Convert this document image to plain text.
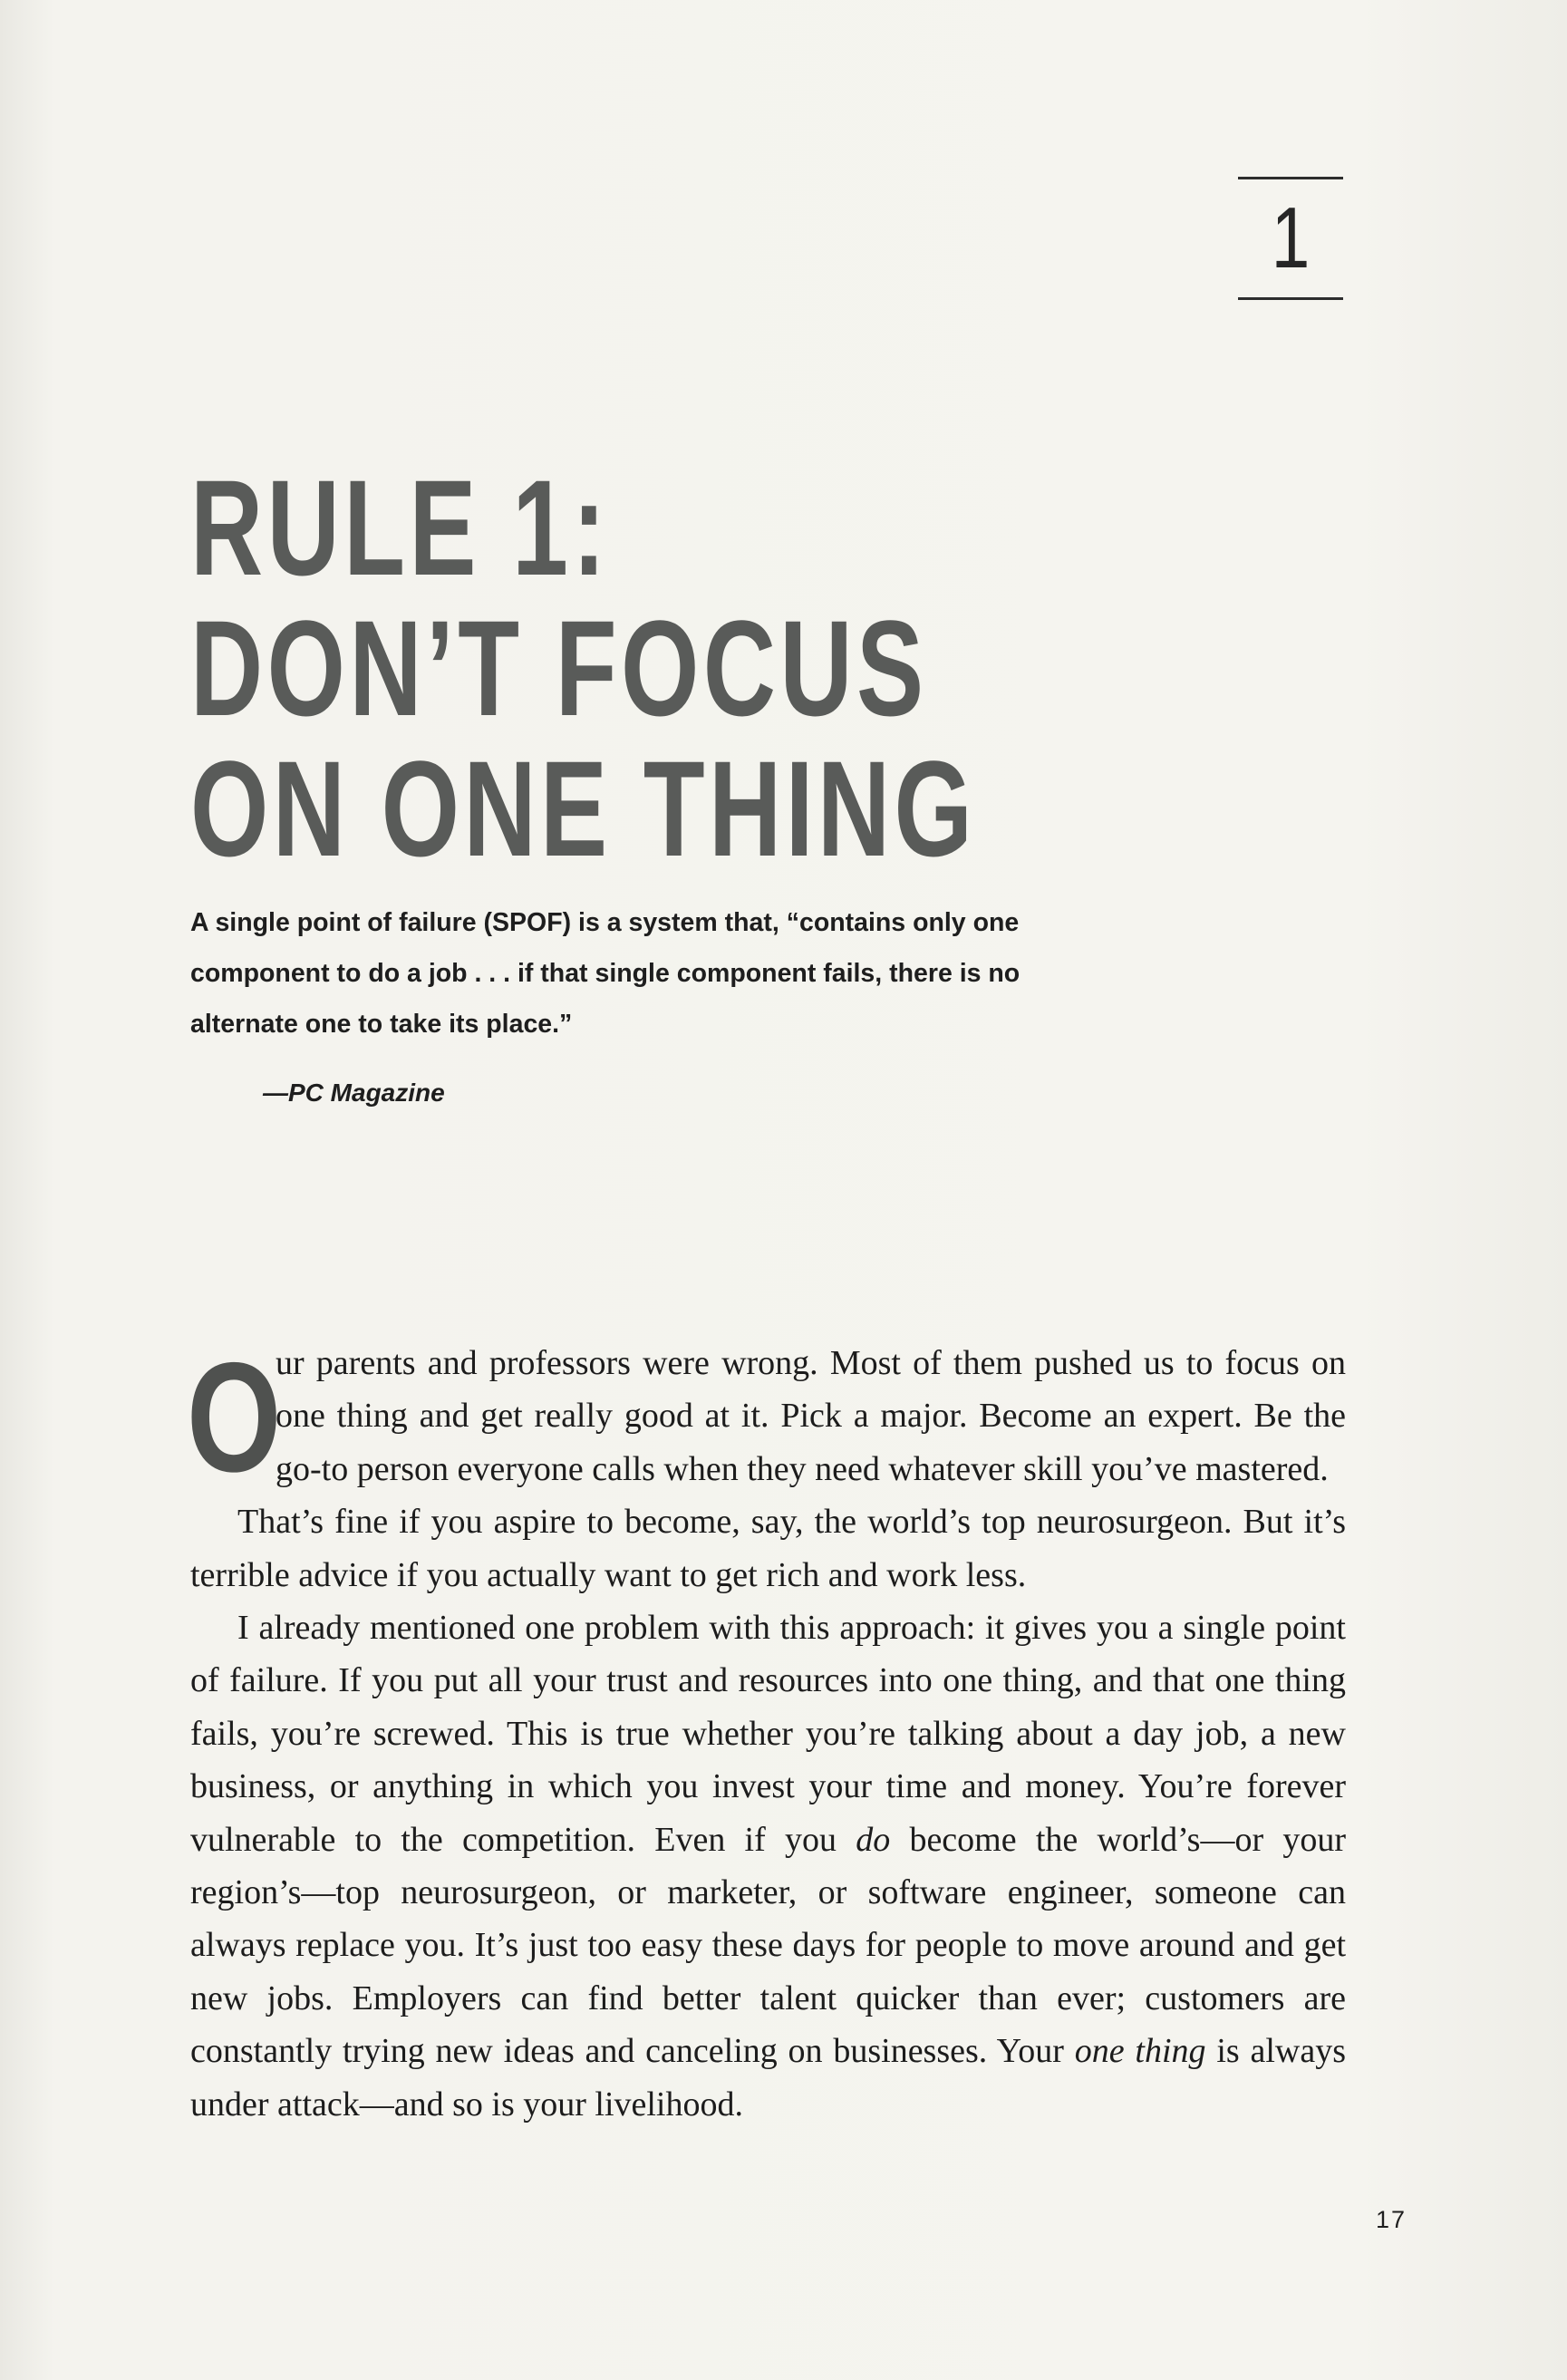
1
RULE 1:
DON’T FOCUS
ON ONE THING

A single point of failure (SPOF) is a system that, “contains only one component to do a job . . . if that single component fails, there is no alternate one to take its place.”

—PC Magazine

O
ur parents and professors were wrong. Most of them pushed us to focus on one thing and get really good at it. Pick a major. Become an expert. Be the go-to person everyone calls when they need whatever skill you’ve mastered.

That’s fine if you aspire to become, say, the world’s top neurosurgeon. But it’s terrible advice if you actually want to get rich and work less.

I already mentioned one problem with this approach: it gives you a single point of failure. If you put all your trust and resources into one thing, and that one thing fails, you’re screwed. This is true whether you’re talking about a day job, a new business, or anything in which you invest your time and money. You’re forever vulnerable to the competition. Even if you do become the world’s—or your region’s—top neurosurgeon, or marketer, or software engineer, someone can always replace you. It’s just too easy these days for people to move around and get new jobs. Employers can find better talent quicker than ever; customers are constantly trying new ideas and canceling on businesses. Your one thing is always under attack—and so is your livelihood.

17
